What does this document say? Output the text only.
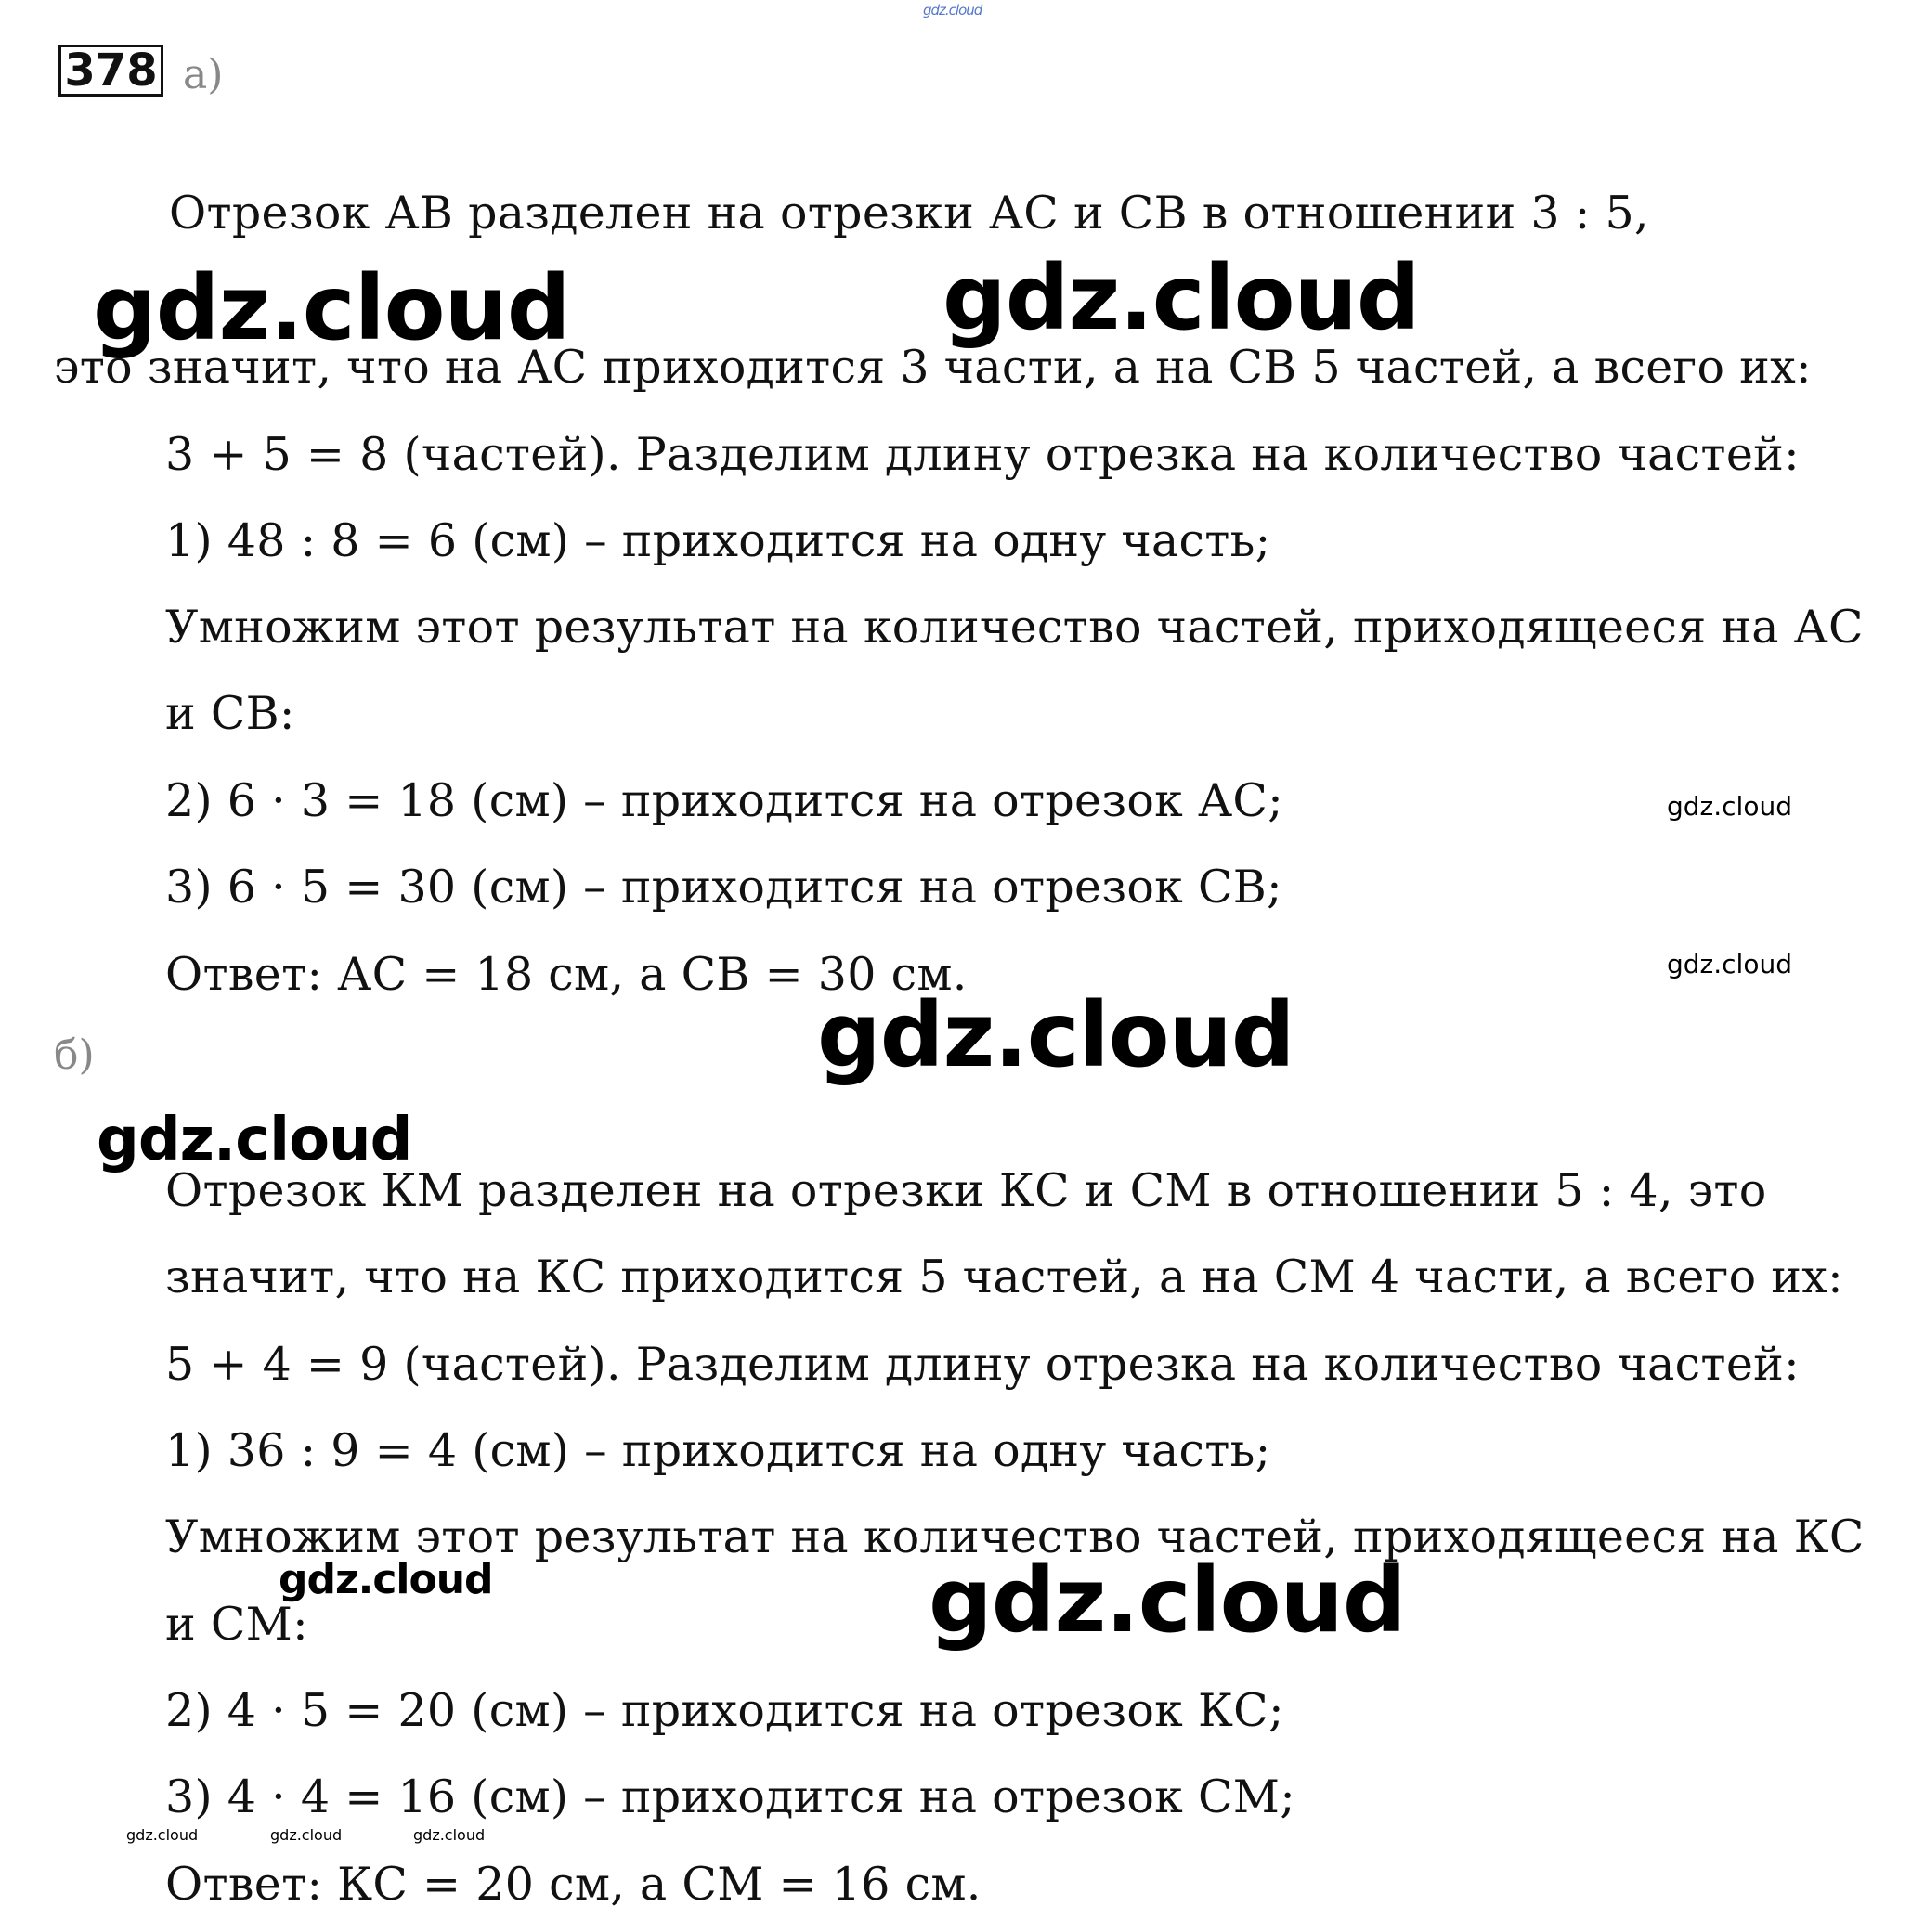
378 а)
Отрезок АВ разделен на отрезки АС и СВ в отношении 3 : 5,
это значит, что на АС приходится 3 части, а на СВ 5 частей, а всего их:
3 + 5 = 8 (частей). Разделим длину отрезка на количество частей:
1) 48 : 8 = 6 (см) – приходится на одну часть;
Умножим этот результат на количество частей, приходящееся на АС
и СВ:
2) 6 · 3 = 18 (см) – приходится на отрезок АС;
3) 6 · 5 = 30 (см) – приходится на отрезок СВ;
Ответ: АС = 18 см, а СВ = 30 см.
б)
Отрезок КМ разделен на отрезки КС и СМ в отношении 5 : 4, это
значит, что на КС приходится 5 частей, а на СМ 4 части, а всего их:
5 + 4 = 9 (частей). Разделим длину отрезка на количество частей:
1) 36 : 9 = 4 (см) – приходится на одну часть;
Умножим этот результат на количество частей, приходящееся на КС
и СМ:
2) 4 · 5 = 20 (см) – приходится на отрезок КС;
3) 4 · 4 = 16 (см) – приходится на отрезок СМ;
Ответ: КС = 20 см, а СМ = 16 см.
gdz.cloud
gdz.cloud	gdz.cloud
gdz.cloud
gdz.cloud
gdz.cloud
gdz.cloud
gdz.cloud	gdz.cloud
gdz.cloud	gdz.cloud	gdz.cloud
